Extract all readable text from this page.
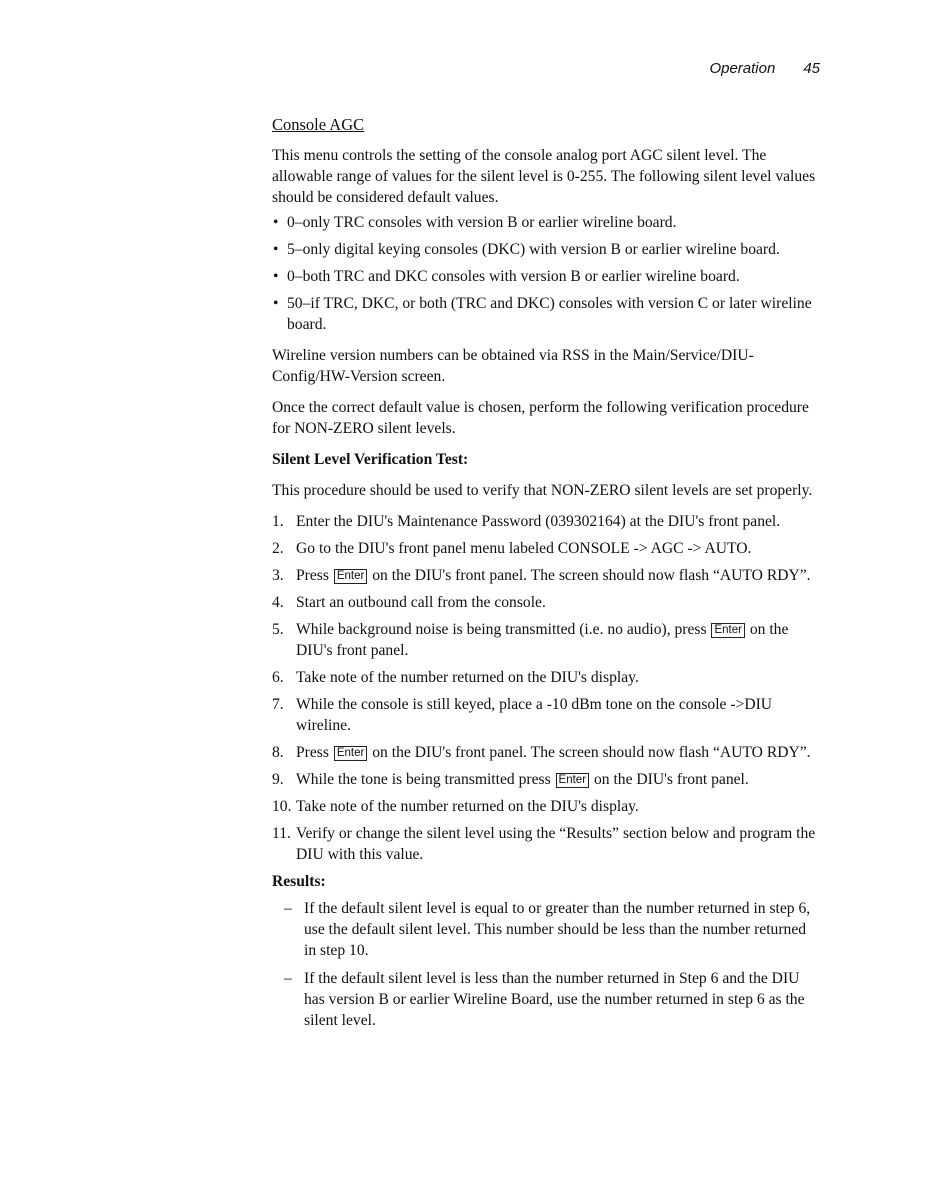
Operation 45

Console AGC

This menu controls the setting of the console analog port AGC silent level. The allowable range of values for the silent level is 0-255. The following silent level values should be considered default values.

• 0–only TRC consoles with version B or earlier wireline board.
• 5–only digital keying consoles (DKC) with version B or earlier wireline board.
• 0–both TRC and DKC consoles with version B or earlier wireline board.
• 50–if TRC, DKC, or both (TRC and DKC) consoles with version C or later wireline board.

Wireline version numbers can be obtained via RSS in the Main/Service/DIU-Config/HW-Version screen.

Once the correct default value is chosen, perform the following verification procedure for NON-ZERO silent levels.

Silent Level Verification Test:

This procedure should be used to verify that NON-ZERO silent levels are set properly.

1. Enter the DIU's Maintenance Password (039302164) at the DIU's front panel.
2. Go to the DIU's front panel menu labeled CONSOLE -> AGC -> AUTO.
3. Press Enter on the DIU's front panel. The screen should now flash “AUTO RDY”.
4. Start an outbound call from the console.
5. While background noise is being transmitted (i.e. no audio), press Enter on the DIU's front panel.
6. Take note of the number returned on the DIU's display.
7. While the console is still keyed, place a -10 dBm tone on the console ->DIU wireline.
8. Press Enter on the DIU's front panel. The screen should now flash “AUTO RDY”.
9. While the tone is being transmitted press Enter on the DIU's front panel.
10. Take note of the number returned on the DIU's display.
11. Verify or change the silent level using the “Results” section below and program the DIU with this value.

Results:

– If the default silent level is equal to or greater than the number returned in step 6, use the default silent level. This number should be less than the number returned in step 10.
– If the default silent level is less than the number returned in Step 6 and the DIU has version B or earlier Wireline Board, use the number returned in step 6 as the silent level.
